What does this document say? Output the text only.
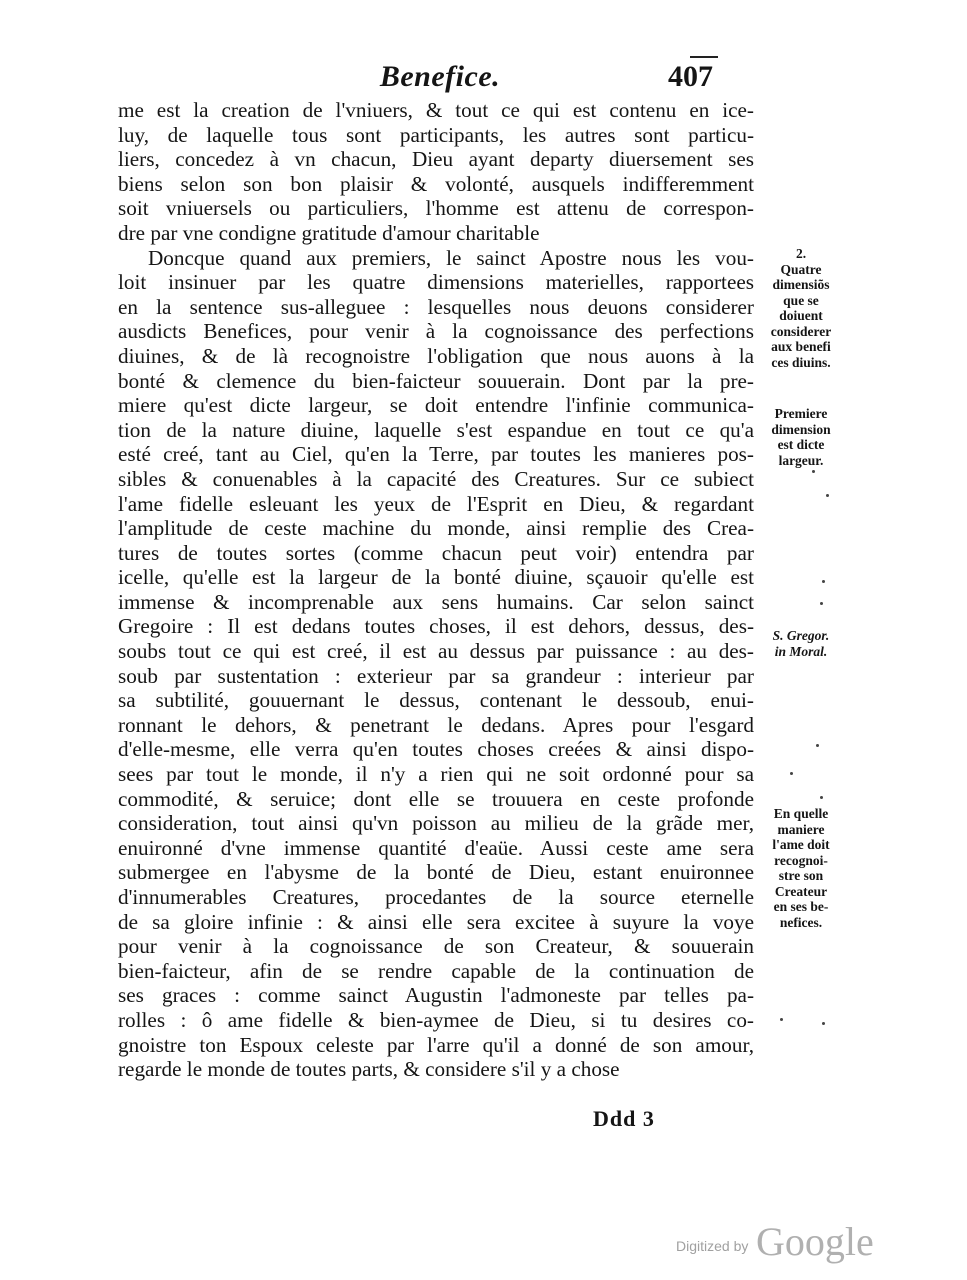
Benefice.	407
me est la creation de l'vniuers, & tout ce qui est contenu en ice-
luy, de laquelle tous sont participants, les autres sont particu-
liers, concedez à vn chacun, Dieu ayant departy diuersement ses
biens selon son bon plaisir & volonté, ausquels indifferemment
soit vniuersels ou particuliers, l'homme est attenu de correspon-
dre par vne condigne gratitude d'amour charitable
Doncque quand aux premiers, le sainct Apostre nous les vou-
loit insinuer par les quatre dimensions materielles, rapportees
en la sentence sus-alleguee : lesquelles nous deuons considerer
ausdicts Benefices, pour venir à la cognoissance des perfections
diuines, & de là recognoistre l'obligation que nous auons à la
bonté & clemence du bien-faicteur souuerain. Dont par la pre-
miere qu'est dicte largeur, se doit entendre l'infinie communica-
tion de la nature diuine, laquelle s'est espandue en tout ce qu'a
esté creé, tant au Ciel, qu'en la Terre, par toutes les manieres pos-
sibles & conuenables à la capacité des Creatures. Sur ce subiect
l'ame fidelle esleuant les yeux de l'Esprit en Dieu, & regardant
l'amplitude de ceste machine du monde, ainsi remplie des Crea-
tures de toutes sortes (comme chacun peut voir) entendra par
icelle, qu'elle est la largeur de la bonté diuine, sçauoir qu'elle est
immense & incomprenable aux sens humains. Car selon sainct
Gregoire : Il est dedans toutes choses, il est dehors, dessus, des-
soubs tout ce qui est creé, il est au dessus par puissance : au des-
soub par sustentation : exterieur par sa grandeur : interieur par
sa subtilité, gouuernant le dessus, contenant le dessoub, enui-
ronnant le dehors, & penetrant le dedans. Apres pour l'esgard
d'elle-mesme, elle verra qu'en toutes choses creées & ainsi dispo-
sees par tout le monde, il n'y a rien qui ne soit ordonné pour sa
commodité, & seruice; dont elle se trouuera en ceste profonde
consideration, tout ainsi qu'vn poisson au milieu de la grãde mer,
enuironné d'vne immense quantité d'eaüe. Aussi ceste ame sera
submergee en l'abysme de la bonté de Dieu, estant enuironnee
d'innumerables Creatures, procedantes de la source eternelle
de sa gloire infinie : & ainsi elle sera excitee à suyure la voye
pour venir à la cognoissance de son Createur, & souuerain
bien-faicteur, afin de se rendre capable de la continuation de
ses graces : comme sainct Augustin l'admoneste par telles pa-
rolles : ô ame fidelle & bien-aymee de Dieu, si tu desires co-
gnoistre ton Espoux celeste par l'arre qu'il a donné de son amour,
regarde le monde de toutes parts, & considere s'il y a chose
2.
Quatre
dimensiõs
que se
doiuent
considerer
aux benefi
ces diuins.
Premiere
dimension
est dicte
largeur.
S. Gregor.
in Moral.
En quelle
maniere
l'ame doit
recognoi-
stre son
Createur
en ses be-
nefices.
Ddd 3
Digitized by Google
